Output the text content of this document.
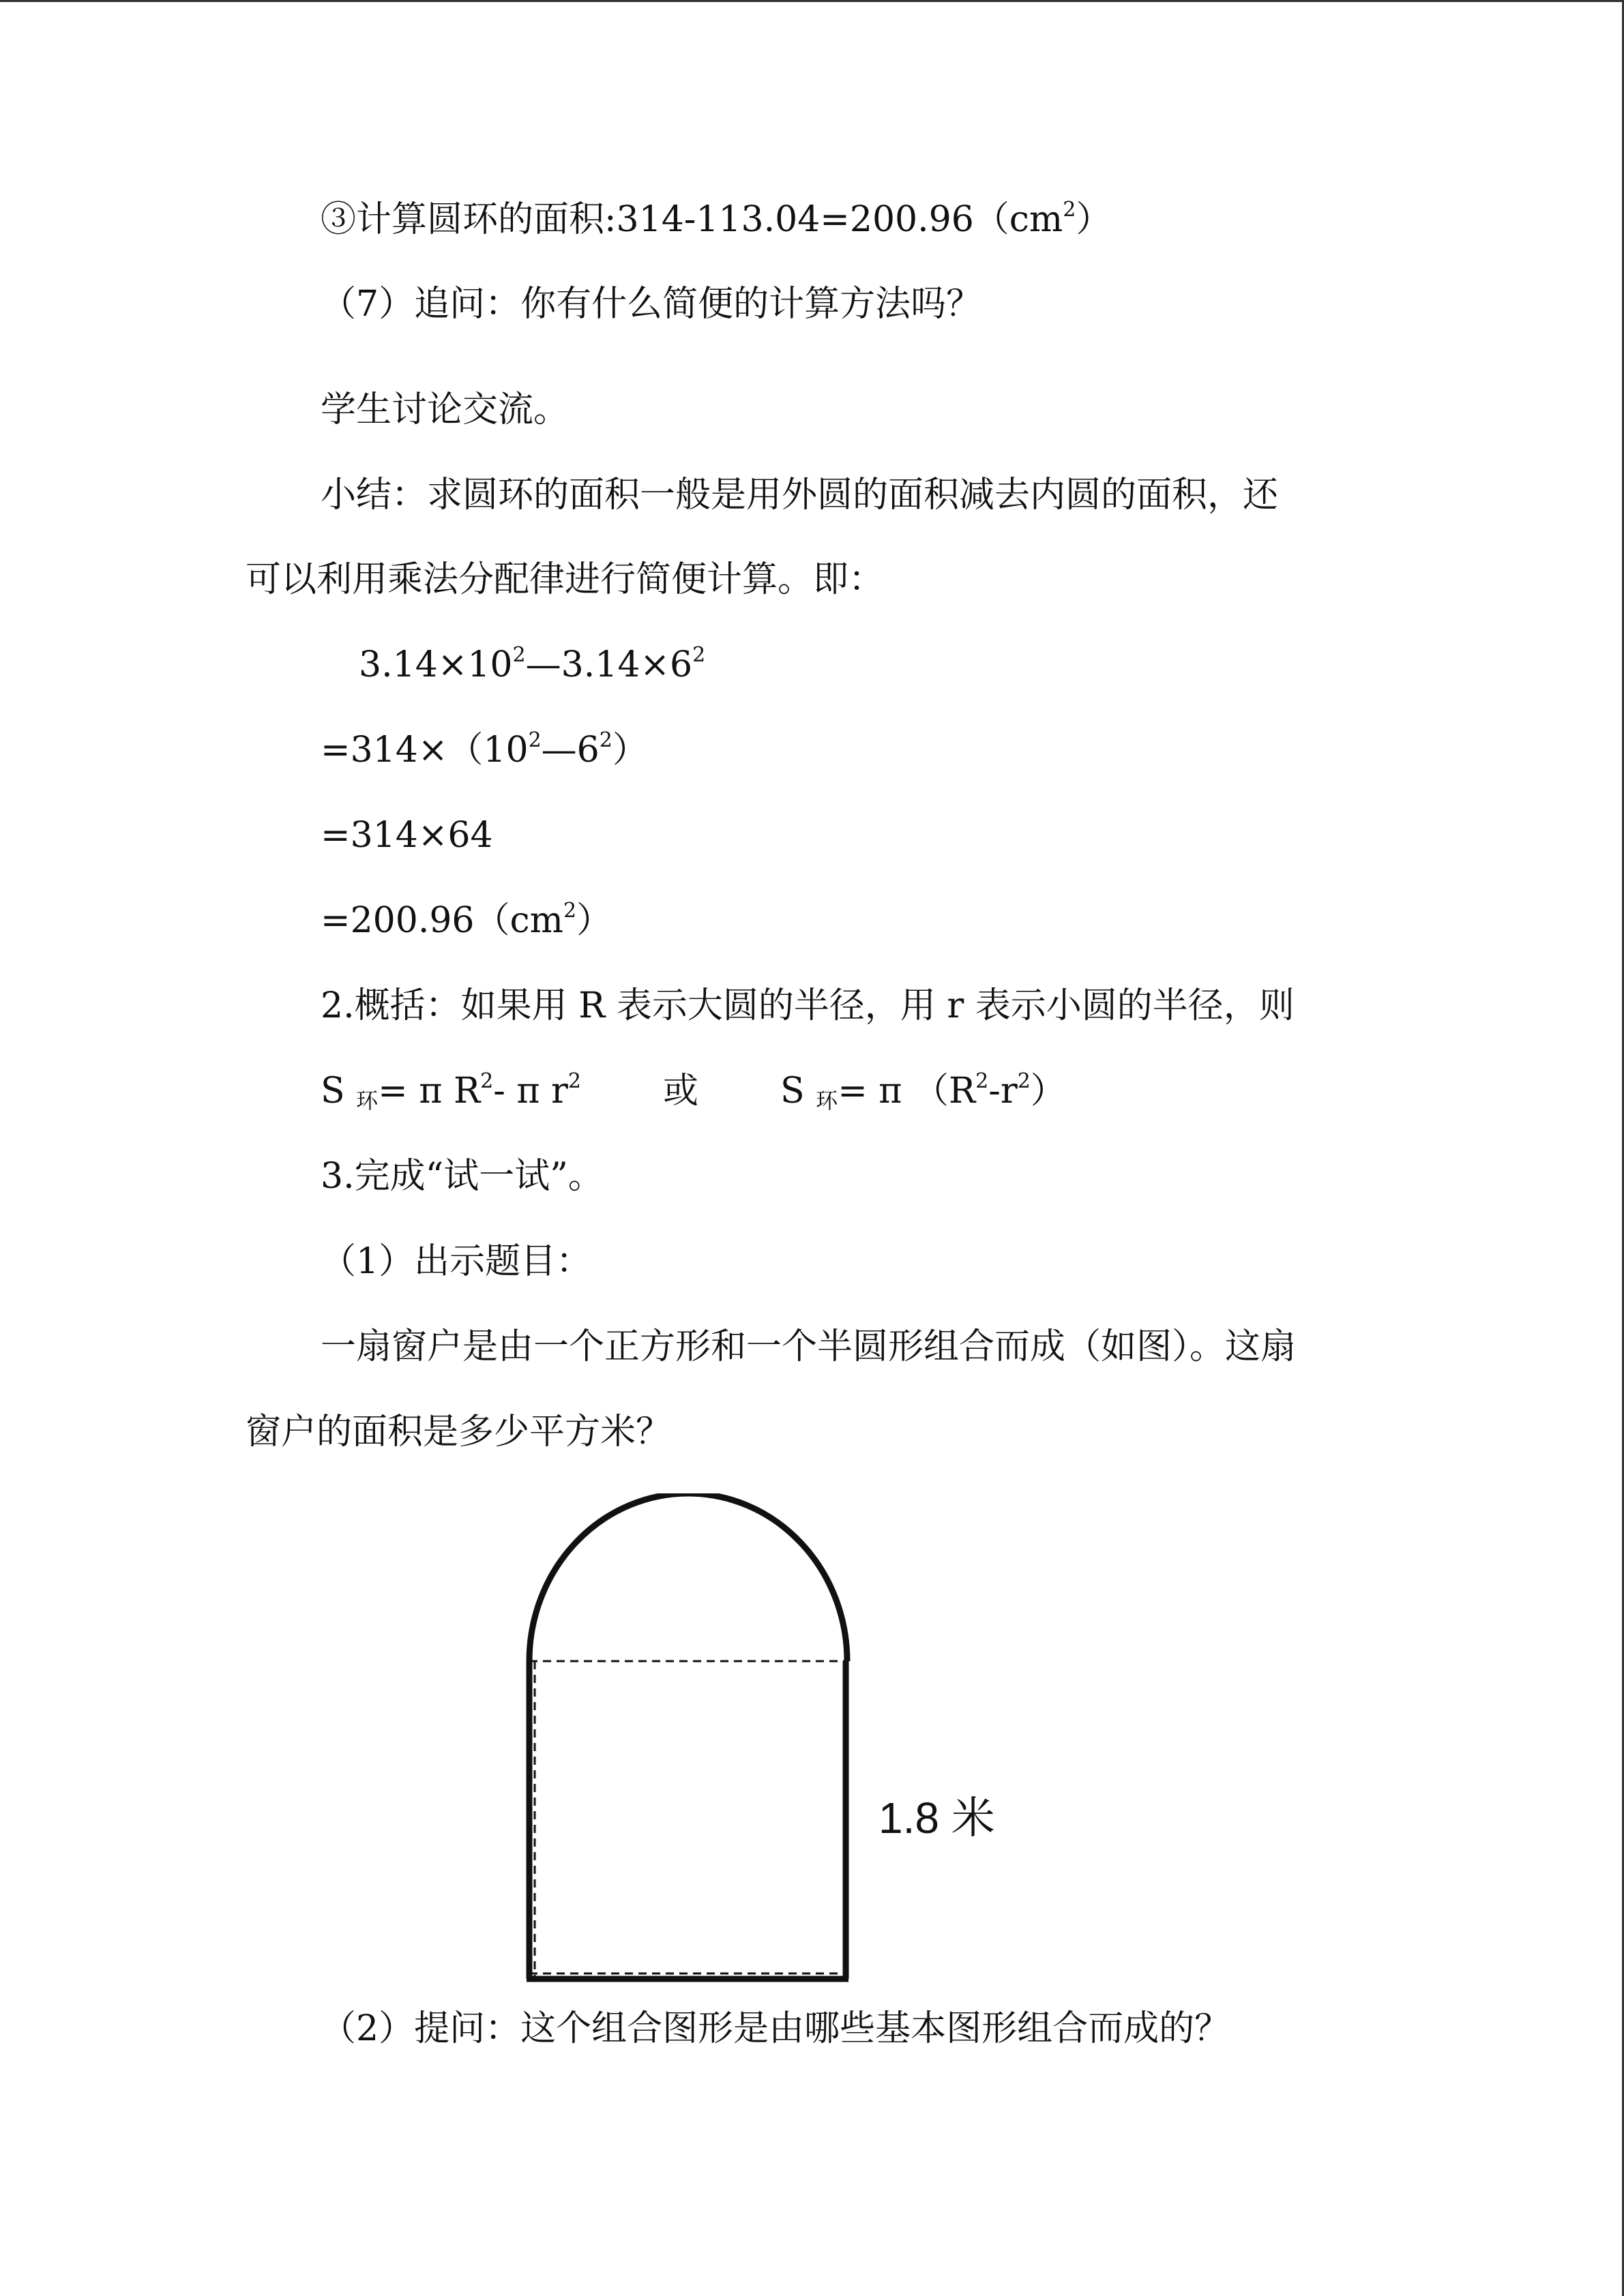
③计算圆环的面积$:314-113.04=200.96(cm^2)$
（7）追问：你有什么简便的计算方法吗？
学生讨论交流。
小结：求圆环的面积一般是用外圆的面积减去内圆的面积，还
可以利用乘法分配律进行简便计算。即：
$3.14\times 10^2—3.14\times 6^2$
$=314\times(10^2—6^2)$
=314×64
$=200.96(cm^2)$
2.概括：如果用 R 表示大圆的半径，用 r 表示小圆的半径，则
S $_环$= π $R^2-$ π $r^2$ 或 S $_环$= π $(R^2-r^2)$
3.完成“试一试”。
（1）出示题目：
一扇窗户是由一个正方形和一个半圆形组合而成（如图）。这扇
窗户的面积是多少平方米？
1.8 米
（2）提问：这个组合图形是由哪些基本图形组合而成的？
